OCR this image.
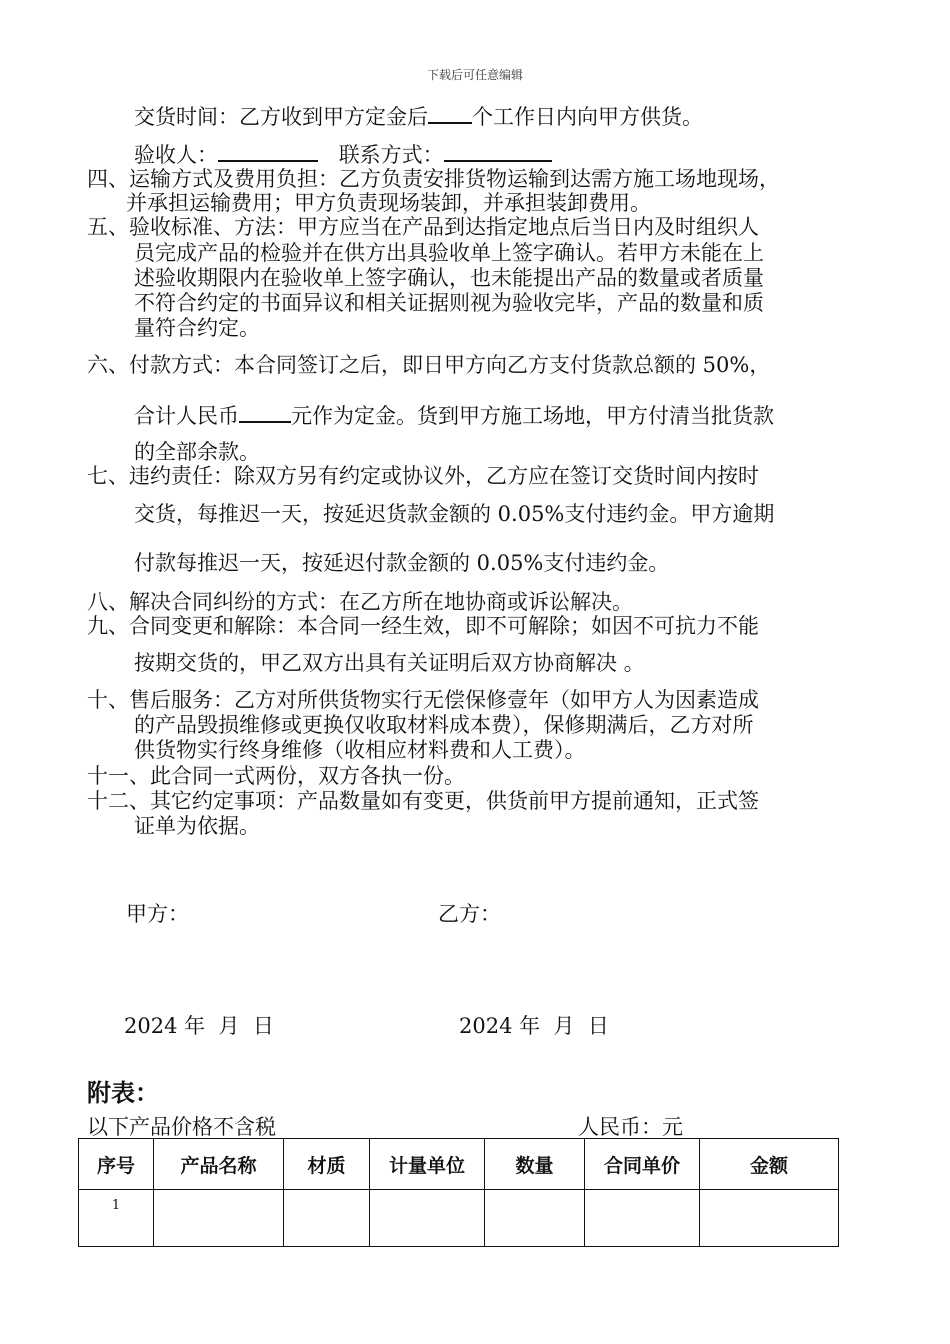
下载后可任意编辑
交货时间：乙方收到甲方定金后 个工作日内向甲方供货。
验收人：	联系方式：
四、运输方式及费用负担：乙方负责安排货物运输到达需方施工场地现场，
并承担运输费用；甲方负责现场装卸，并承担装卸费用。
五、验收标准、方法：甲方应当在产品到达指定地点后当日内及时组织人
员完成产品的检验并在供方出具验收单上签字确认。若甲方未能在上
述验收期限内在验收单上签字确认，也未能提出产品的数量或者质量
不符合约定的书面异议和相关证据则视为验收完毕，产品的数量和质
量符合约定。
六、付款方式：本合同签订之后，即日甲方向乙方支付货款总额的 50%，
合计人民币 元作为定金。货到甲方施工场地，甲方付清当批货款
的全部余款。
七、违约责任：除双方另有约定或协议外，乙方应在签订交货时间内按时
交货，每推迟一天，按延迟货款金额的 0.05%支付违约金。甲方逾期
付款每推迟一天，按延迟付款金额的 0.05%支付违约金。
八、解决合同纠纷的方式：在乙方所在地协商或诉讼解决。
九、合同变更和解除：本合同一经生效，即不可解除；如因不可抗力不能
按期交货的，甲乙双方出具有关证明后双方协商解决 。
十、售后服务：乙方对所供货物实行无偿保修壹年（如甲方人为因素造成
的产品毁损维修或更换仅收取材料成本费），保修期满后，乙方对所
供货物实行终身维修（收相应材料费和人工费）。
十一、此合同一式两份，双方各执一份。
十二、其它约定事项：产品数量如有变更，供货前甲方提前通知，正式签
证单为依据。
甲方：	乙方：
2024 年  月  日	2024 年  月  日
附表：
以下产品价格不含税	人民币：元
序号	产品名称	材质	计量单位	数量	合同单价	金额
1						
